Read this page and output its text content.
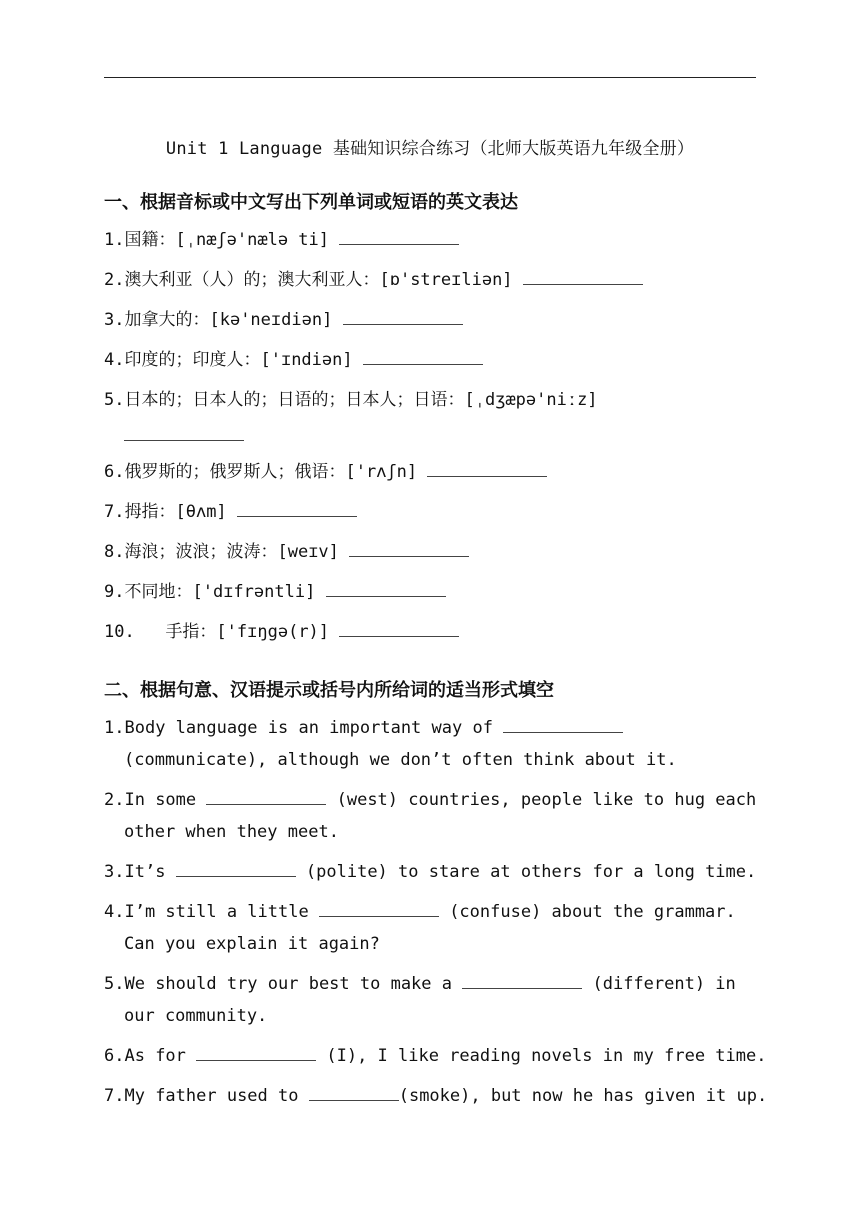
Unit 1 Language 基础知识综合练习（北师大版英语九年级全册）
一、根据音标或中文写出下列单词或短语的英文表达
1.国籍：[ˌnæʃə'nælə ti]
2.澳大利亚（人）的；澳大利亚人：[ɒ'streɪliən]
3.加拿大的：[kə'neɪdiən]
4.印度的；印度人：['ɪndiən]
5.日本的；日本人的；日语的；日本人；日语：[ˌdʒæpə'niːz]
6.俄罗斯的；俄罗斯人；俄语：['rʌʃn]
7.拇指：[θʌm]
8.海浪；波浪；波涛：[weɪv]
9.不同地：['dɪfrəntli]
10. 手指：['fɪŋgə(r)]
二、根据句意、汉语提示或括号内所给词的适当形式填空
1.Body language is an important way of
(communicate), although we don’t often think about it.
2.In some	(west) countries, people like to hug each
other when they meet.
3.It’s	(polite) to stare at others for a long time.
4.I’m still a little	(confuse) about the grammar.
Can you explain it again?
5.We should try our best to make a	(different) in
our community.
6.As for	(I), I like reading novels in my free time.
7.My father used to	(smoke), but now he has given it up.
